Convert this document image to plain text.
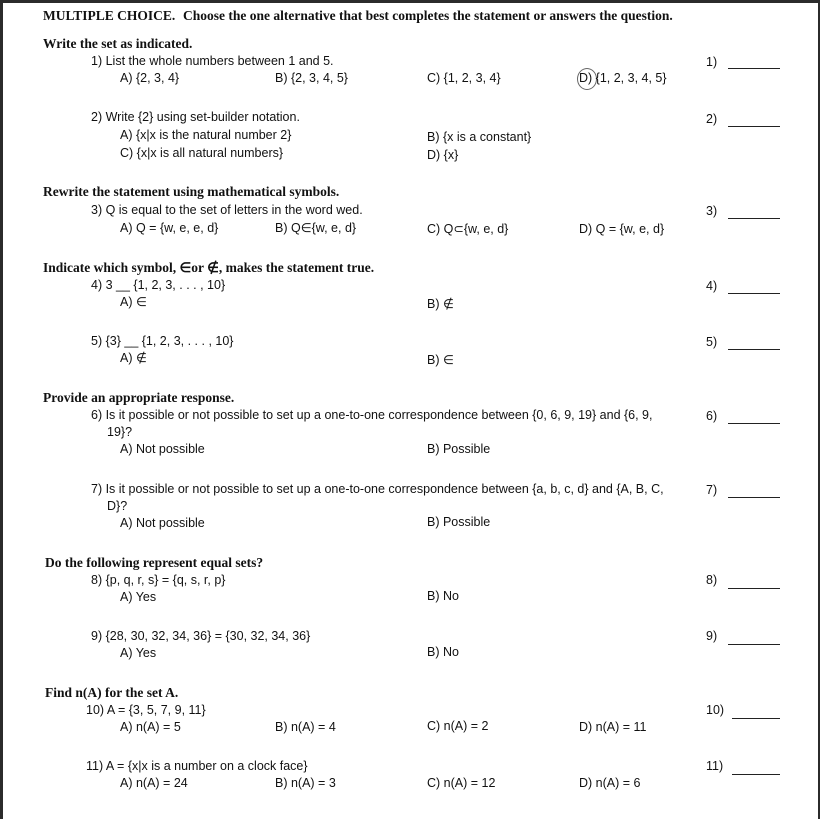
MULTIPLE CHOICE. Choose the one alternative that best completes the statement or answers the question.
Write the set as indicated.
1) List the whole numbers between 1 and 5.
A) {2, 3, 4}	B) {2, 3, 4, 5}	C) {1, 2, 3, 4}	D) {1, 2, 3, 4, 5}
1)
2) Write {2} using set-builder notation.
A) {x|x is the natural number 2}	B) {x is a constant}
C) {x|x is all natural numbers}	D) {x}
2)
Rewrite the statement using mathematical symbols.
3) Q is equal to the set of letters in the word wed.
A) Q = {w, e, e, d}	B) Q∈{w, e, d}	C) Q⊂{w, e, d}	D) Q = {w, e, d}
3)
Indicate which symbol, ∈or ∉, makes the statement true.
4) 3 __ {1, 2, 3, . . . , 10}
A) ∈	B) ∉
4)
5) {3} __ {1, 2, 3, . . . , 10}
A) ∉	B) ∈
5)
Provide an appropriate response.
6) Is it possible or not possible to set up a one-to-one correspondence between {0, 6, 9, 19} and {6, 9,
19}?
A) Not possible	B) Possible
6)
7) Is it possible or not possible to set up a one-to-one correspondence between {a, b, c, d} and {A, B, C,
D}?
A) Not possible	B) Possible
7)
Do the following represent equal sets?
8) {p, q, r, s} = {q, s, r, p}
A) Yes	B) No
8)
9) {28, 30, 32, 34, 36} = {30, 32, 34, 36}
A) Yes	B) No
9)
Find n(A) for the set A.
10) A = {3, 5, 7, 9, 11}
A) n(A) = 5	B) n(A) = 4	C) n(A) = 2	D) n(A) = 11
10)
11) A = {x|x is a number on a clock face}
A) n(A) = 24	B) n(A) = 3	C) n(A) = 12	D) n(A) = 6
11)
